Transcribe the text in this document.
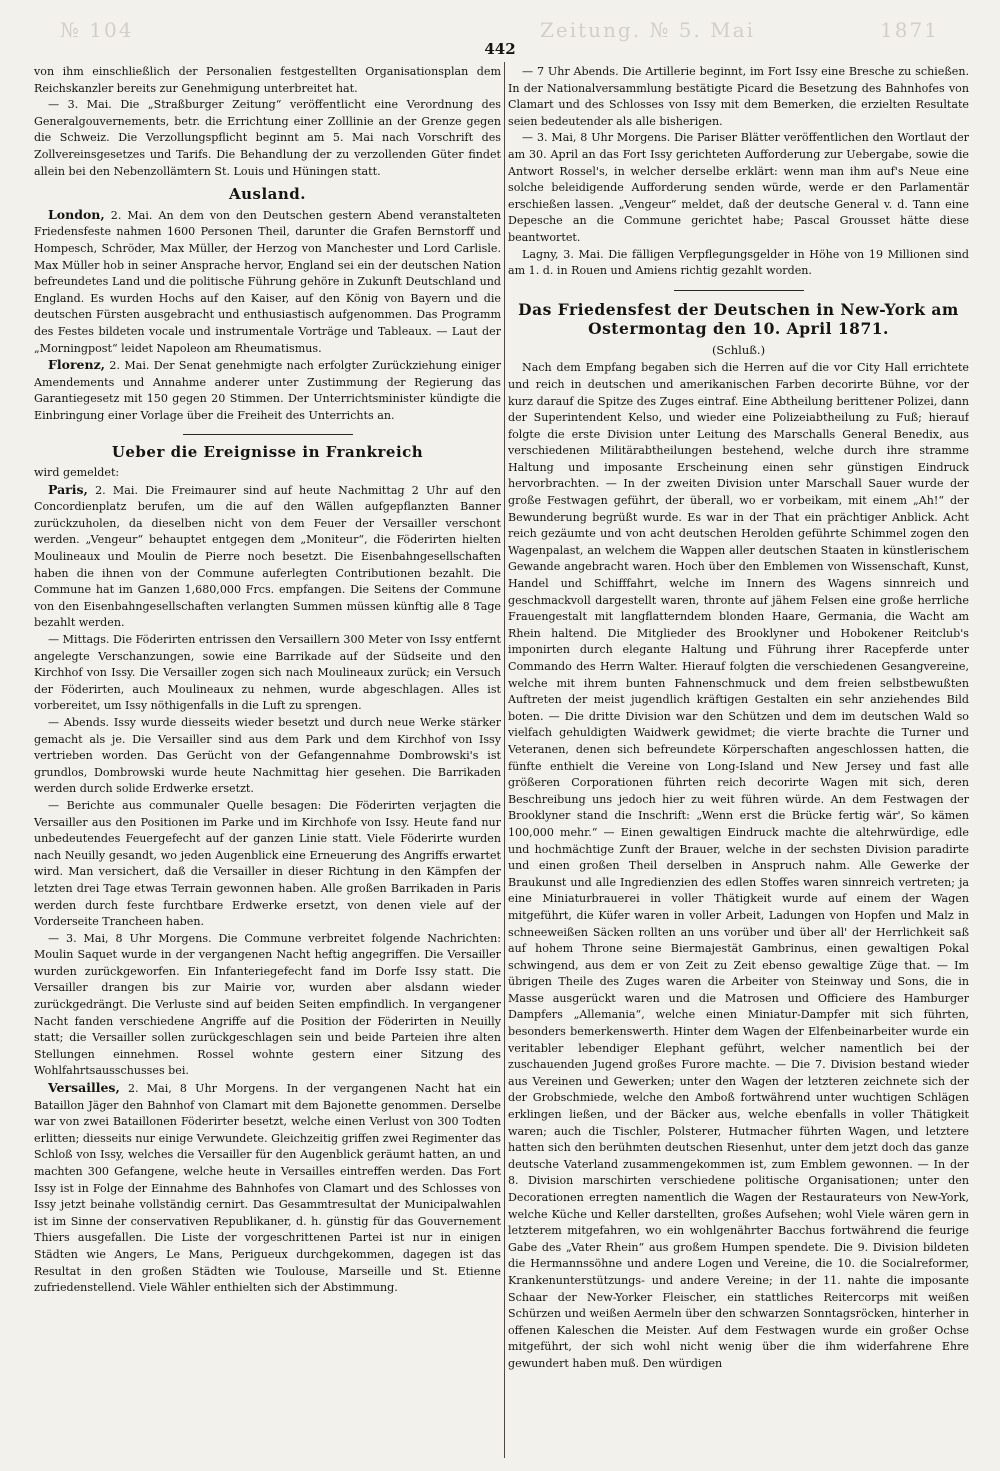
№ 104	Zeitung. № 5. Mai	1871
442

von ihm einschließlich der Personalien festgestellten Organisationsplan dem Reichskanzler bereits zur Genehmigung unterbreitet hat.

— 3. Mai. Die „Straßburger Zeitung“ veröffentlicht eine Verordnung des Generalgouvernements, betr. die Errichtung einer Zolllinie an der Grenze gegen die Schweiz. Die Verzollungspflicht beginnt am 5. Mai nach Vorschrift des Zollvereinsgesetzes und Tarifs. Die Behandlung der zu verzollenden Güter findet allein bei den Nebenzollämtern St. Louis und Hüningen statt.

Ausland.

London, 2. Mai. An dem von den Deutschen gestern Abend veranstalteten Friedensfeste nahmen 1600 Personen Theil, darunter die Grafen Bernstorff und Hompesch, Schröder, Max Müller, der Herzog von Manchester und Lord Carlisle. Max Müller hob in seiner Ansprache hervor, England sei ein der deutschen Nation befreundetes Land und die politische Führung gehöre in Zukunft Deutschland und England. Es wurden Hochs auf den Kaiser, auf den König von Bayern und die deutschen Fürsten ausgebracht und enthusiastisch aufgenommen. Das Programm des Festes bildeten vocale und instrumentale Vorträge und Tableaux. — Laut der „Morningpost“ leidet Napoleon am Rheumatismus.

Florenz, 2. Mai. Der Senat genehmigte nach erfolgter Zurückziehung einiger Amendements und Annahme anderer unter Zustimmung der Regierung das Garantiegesetz mit 150 gegen 20 Stimmen. Der Unterrichtsminister kündigte die Einbringung einer Vorlage über die Freiheit des Unterrichts an.

Ueber die Ereignisse in Frankreich

wird gemeldet:

Paris, 2. Mai. Die Freimaurer sind auf heute Nachmittag 2 Uhr auf den Concordienplatz berufen, um die auf den Wällen aufgepflanzten Banner zurückzuholen, da dieselben nicht von dem Feuer der Versailler verschont werden. „Vengeur“ behauptet entgegen dem „Moniteur“, die Föderirten hielten Moulineaux und Moulin de Pierre noch besetzt. Die Eisenbahngesellschaften haben die ihnen von der Commune auferlegten Contributionen bezahlt. Die Commune hat im Ganzen 1,680,000 Frcs. empfangen. Die Seitens der Commune von den Eisenbahngesellschaften verlangten Summen müssen künftig alle 8 Tage bezahlt werden.

— Mittags. Die Föderirten entrissen den Versaillern 300 Meter von Issy entfernt angelegte Verschanzungen, sowie eine Barrikade auf der Südseite und den Kirchhof von Issy. Die Versailler zogen sich nach Moulineaux zurück; ein Versuch der Föderirten, auch Moulineaux zu nehmen, wurde abgeschlagen. Alles ist vorbereitet, um Issy nöthigenfalls in die Luft zu sprengen.

— Abends. Issy wurde diesseits wieder besetzt und durch neue Werke stärker gemacht als je. Die Versailler sind aus dem Park und dem Kirchhof von Issy vertrieben worden. Das Gerücht von der Gefangennahme Dombrowski's ist grundlos, Dombrowski wurde heute Nachmittag hier gesehen. Die Barrikaden werden durch solide Erdwerke ersetzt.

— Berichte aus communaler Quelle besagen: Die Föderirten verjagten die Versailler aus den Positionen im Parke und im Kirchhofe von Issy. Heute fand nur unbedeutendes Feuergefecht auf der ganzen Linie statt. Viele Föderirte wurden nach Neuilly gesandt, wo jeden Augenblick eine Erneuerung des Angriffs erwartet wird. Man versichert, daß die Versailler in dieser Richtung in den Kämpfen der letzten drei Tage etwas Terrain gewonnen haben. Alle großen Barrikaden in Paris werden durch feste furchtbare Erdwerke ersetzt, von denen viele auf der Vorderseite Trancheen haben.

— 3. Mai, 8 Uhr Morgens. Die Commune verbreitet folgende Nachrichten: Moulin Saquet wurde in der vergangenen Nacht heftig angegriffen. Die Versailler wurden zurückgeworfen. Ein Infanteriegefecht fand im Dorfe Issy statt. Die Versailler drangen bis zur Mairie vor, wurden aber alsdann wieder zurückgedrängt. Die Verluste sind auf beiden Seiten empfindlich. In vergangener Nacht fanden verschiedene Angriffe auf die Position der Föderirten in Neuilly statt; die Versailler sollen zurückgeschlagen sein und beide Parteien ihre alten Stellungen einnehmen. Rossel wohnte gestern einer Sitzung des Wohlfahrtsausschusses bei.

Versailles, 2. Mai, 8 Uhr Morgens. In der vergangenen Nacht hat ein Bataillon Jäger den Bahnhof von Clamart mit dem Bajonette genommen. Derselbe war von zwei Bataillonen Föderirter besetzt, welche einen Verlust von 300 Todten erlitten; diesseits nur einige Verwundete. Gleichzeitig griffen zwei Regimenter das Schloß von Issy, welches die Versailler für den Augenblick geräumt hatten, an und machten 300 Gefangene, welche heute in Versailles eintreffen werden. Das Fort Issy ist in Folge der Einnahme des Bahnhofes von Clamart und des Schlosses von Issy jetzt beinahe vollständig cernirt. Das Gesammtresultat der Municipalwahlen ist im Sinne der conservativen Republikaner, d. h. günstig für das Gouvernement Thiers ausgefallen. Die Liste der vorgeschrittenen Partei ist nur in einigen Städten wie Angers, Le Mans, Perigueux durchgekommen, dagegen ist das Resultat in den großen Städten wie Toulouse, Marseille und St. Etienne zufriedenstellend. Viele Wähler enthielten sich der Abstimmung.

— 7 Uhr Abends. Die Artillerie beginnt, im Fort Issy eine Bresche zu schießen. In der Nationalversammlung bestätigte Picard die Besetzung des Bahnhofes von Clamart und des Schlosses von Issy mit dem Bemerken, die erzielten Resultate seien bedeutender als alle bisherigen.

— 3. Mai, 8 Uhr Morgens. Die Pariser Blätter veröffentlichen den Wortlaut der am 30. April an das Fort Issy gerichteten Aufforderung zur Uebergabe, sowie die Antwort Rossel's, in welcher derselbe erklärt: wenn man ihm auf's Neue eine solche beleidigende Aufforderung senden würde, werde er den Parlamentär erschießen lassen. „Vengeur“ meldet, daß der deutsche General v. d. Tann eine Depesche an die Commune gerichtet habe; Pascal Grousset hätte diese beantwortet.

Lagny, 3. Mai. Die fälligen Verpflegungsgelder in Höhe von 19 Millionen sind am 1. d. in Rouen und Amiens richtig gezahlt worden.

Das Friedensfest der Deutschen in New-York am Ostermontag den 10. April 1871.
(Schluß.)

Nach dem Empfang begaben sich die Herren auf die vor City Hall errichtete und reich in deutschen und amerikanischen Farben decorirte Bühne, vor der kurz darauf die Spitze des Zuges eintraf. Eine Abtheilung berittener Polizei, dann der Superintendent Kelso, und wieder eine Polizeiabtheilung zu Fuß; hierauf folgte die erste Division unter Leitung des Marschalls General Benedix, aus verschiedenen Militärabtheilungen bestehend, welche durch ihre stramme Haltung und imposante Erscheinung einen sehr günstigen Eindruck hervorbrachten. — In der zweiten Division unter Marschall Sauer wurde der große Festwagen geführt, der überall, wo er vorbeikam, mit einem „Ah!“ der Bewunderung begrüßt wurde. Es war in der That ein prächtiger Anblick. Acht reich gezäumte und von acht deutschen Herolden geführte Schimmel zogen den Wagenpalast, an welchem die Wappen aller deutschen Staaten in künstlerischem Gewande angebracht waren. Hoch über den Emblemen von Wissenschaft, Kunst, Handel und Schifffahrt, welche im Innern des Wagens sinnreich und geschmackvoll dargestellt waren, thronte auf jähem Felsen eine große herrliche Frauengestalt mit langflatterndem blonden Haare, Germania, die Wacht am Rhein haltend. Die Mitglieder des Brooklyner und Hobokener Reitclub's imponirten durch elegante Haltung und Führung ihrer Racepferde unter Commando des Herrn Walter. Hierauf folgten die verschiedenen Gesangvereine, welche mit ihrem bunten Fahnenschmuck und dem freien selbstbewußten Auftreten der meist jugendlich kräftigen Gestalten ein sehr anziehendes Bild boten. — Die dritte Division war den Schützen und dem im deutschen Wald so vielfach gehuldigten Waidwerk gewidmet; die vierte brachte die Turner und Veteranen, denen sich befreundete Körperschaften angeschlossen hatten, die fünfte enthielt die Vereine von Long-Island und New Jersey und fast alle größeren Corporationen führten reich decorirte Wagen mit sich, deren Beschreibung uns jedoch hier zu weit führen würde. An dem Festwagen der Brooklyner stand die Inschrift: „Wenn erst die Brücke fertig wär', So kämen 100,000 mehr.“ — Einen gewaltigen Eindruck machte die altehrwürdige, edle und hochmächtige Zunft der Brauer, welche in der sechsten Division paradirte und einen großen Theil derselben in Anspruch nahm. Alle Gewerke der Braukunst und alle Ingredienzien des edlen Stoffes waren sinnreich vertreten; ja eine Miniaturbrauerei in voller Thätigkeit wurde auf einem der Wagen mitgeführt, die Küfer waren in voller Arbeit, Ladungen von Hopfen und Malz in schneeweißen Säcken rollten an uns vorüber und über all' der Herrlichkeit saß auf hohem Throne seine Biermajestät Gambrinus, einen gewaltigen Pokal schwingend, aus dem er von Zeit zu Zeit ebenso gewaltige Züge that. — Im übrigen Theile des Zuges waren die Arbeiter von Steinway und Sons, die in Masse ausgerückt waren und die Matrosen und Officiere des Hamburger Dampfers „Allemania“, welche einen Miniatur-Dampfer mit sich führten, besonders bemerkenswerth. Hinter dem Wagen der Elfenbeinarbeiter wurde ein veritabler lebendiger Elephant geführt, welcher namentlich bei der zuschauenden Jugend großes Furore machte. — Die 7. Division bestand wieder aus Vereinen und Gewerken; unter den Wagen der letzteren zeichnete sich der der Grobschmiede, welche den Amboß fortwährend unter wuchtigen Schlägen erklingen ließen, und der Bäcker aus, welche ebenfalls in voller Thätigkeit waren; auch die Tischler, Polsterer, Hutmacher führten Wagen, und letztere hatten sich den berühmten deutschen Riesenhut, unter dem jetzt doch das ganze deutsche Vaterland zusammengekommen ist, zum Emblem gewonnen. — In der 8. Division marschirten verschiedene politische Organisationen; unter den Decorationen erregten namentlich die Wagen der Restaurateurs von New-York, welche Küche und Keller darstellten, großes Aufsehen; wohl Viele wären gern in letzterem mitgefahren, wo ein wohlgenährter Bacchus fortwährend die feurige Gabe des „Vater Rhein“ aus großem Humpen spendete. Die 9. Division bildeten die Hermannssöhne und andere Logen und Vereine, die 10. die Socialreformer, Krankenunterstützungs- und andere Vereine; in der 11. nahte die imposante Schaar der New-Yorker Fleischer, ein stattliches Reitercorps mit weißen Schürzen und weißen Aermeln über den schwarzen Sonntagsröcken, hinterher in offenen Kaleschen die Meister. Auf dem Festwagen wurde ein großer Ochse mitgeführt, der sich wohl nicht wenig über die ihm widerfahrene Ehre gewundert haben muß. Den würdigen
